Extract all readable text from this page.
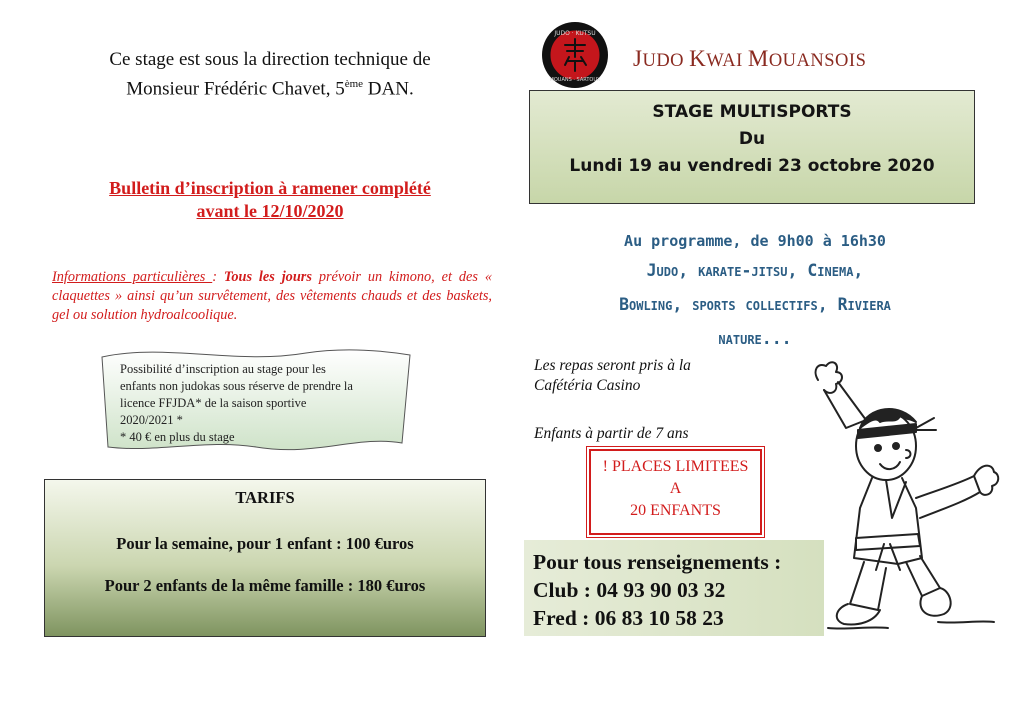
Ce stage est sous la direction technique de
Monsieur Frédéric Chavet, 5ème DAN.
Bulletin d’inscription à ramener complété
avant le 12/10/2020
Informations particulières : Tous les jours prévoir un kimono, et des « claquettes » ainsi qu’un survêtement, des vêtements chauds et des baskets, gel ou solution hydroalcoolique.
Possibilité d’inscription au stage pour les
enfants non judokas sous réserve de prendre la
licence FFJDA* de la saison sportive
2020/2021 *
* 40 € en plus du stage
TARIFS
Pour la semaine, pour 1 enfant : 100 €uros
Pour 2 enfants de la même famille : 180 €uros
JUDO · KUTSU
MOUANS · SARTOUX
JUDO KWAI MOUANSOIS
STAGE MULTISPORTS
Du
Lundi 19 au vendredi 23 octobre 2020
Au programme, de 9h00 à 16h30
Judo, karate-jitsu, Cinema,
Bowling, sports collectifs, Riviera
nature...
Les repas seront pris à la
Cafétéria Casino
Enfants à partir de 7 ans
! PLACES LIMITEES
A
20 ENFANTS
Pour tous renseignements :
Club : 04 93 90 03 32
Fred : 06 83 10 58 23
